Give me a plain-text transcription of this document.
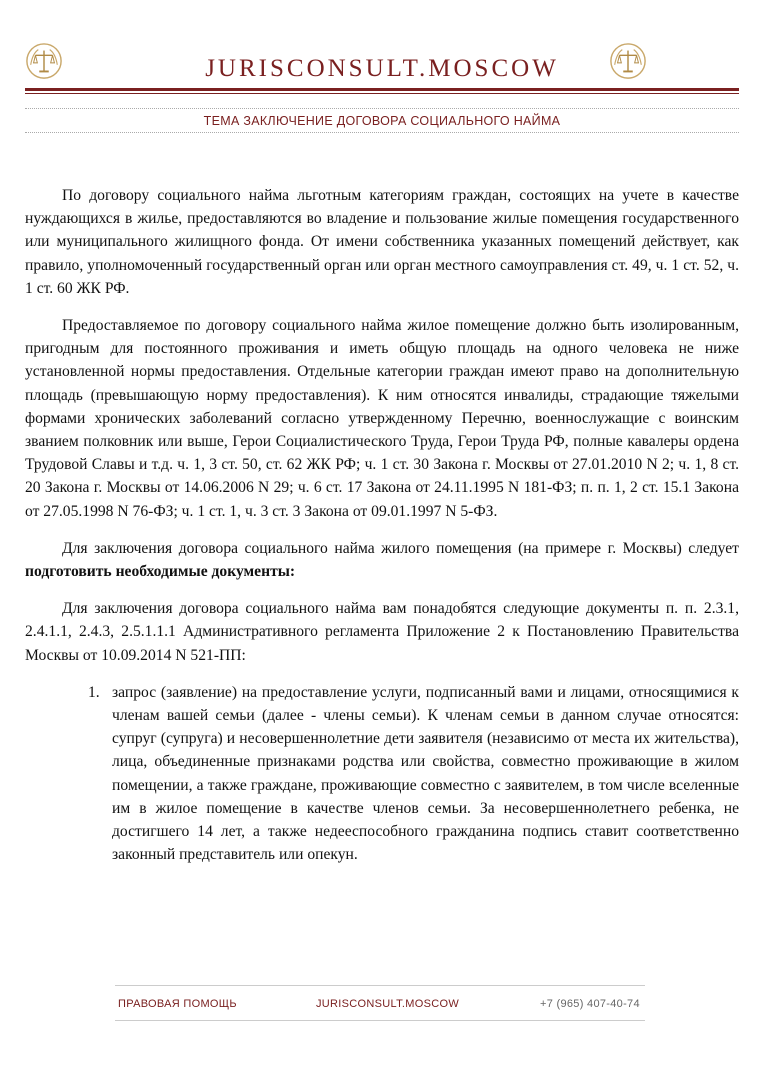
JURISCONSULT.MOSCOW
ТЕМА ЗАКЛЮЧЕНИЕ ДОГОВОРА СОЦИАЛЬНОГО НАЙМА

По договору социального найма льготным категориям граждан, состоящих на учете в качестве нуждающихся в жилье, предоставляются во владение и пользование жилые помещения государственного или муниципального жилищного фонда. От имени собственника указанных помещений действует, как правило, уполномоченный государственный орган или орган местного самоуправления ст. 49, ч. 1 ст. 52, ч. 1 ст. 60 ЖК РФ.

Предоставляемое по договору социального найма жилое помещение должно быть изолированным, пригодным для постоянного проживания и иметь общую площадь на одного человека не ниже установленной нормы предоставления. Отдельные категории граждан имеют право на дополнительную площадь (превышающую норму предоставления). К ним относятся инвалиды, страдающие тяжелыми формами хронических заболеваний согласно утвержденному Перечню, военнослужащие с воинским званием полковник или выше, Герои Социалистического Труда, Герои Труда РФ, полные кавалеры ордена Трудовой Славы и т.д. ч. 1, 3 ст. 50, ст. 62 ЖК РФ; ч. 1 ст. 30 Закона г. Москвы от 27.01.2010 N 2; ч. 1, 8 ст. 20 Закона г. Москвы от 14.06.2006 N 29; ч. 6 ст. 17 Закона от 24.11.1995 N 181-ФЗ; п. п. 1, 2 ст. 15.1 Закона от 27.05.1998 N 76-ФЗ; ч. 1 ст. 1, ч. 3 ст. 3 Закона от 09.01.1997 N 5-ФЗ.

Для заключения договора социального найма жилого помещения (на примере г. Москвы) следует подготовить необходимые документы:

Для заключения договора социального найма вам понадобятся следующие документы п. п. 2.3.1, 2.4.1.1, 2.4.3, 2.5.1.1.1 Административного регламента Приложение 2 к Постановлению Правительства Москвы от 10.09.2014 N 521-ПП:

1. запрос (заявление) на предоставление услуги, подписанный вами и лицами, относящимися к членам вашей семьи (далее - члены семьи). К членам семьи в данном случае относятся: супруг (супруга) и несовершеннолетние дети заявителя (независимо от места их жительства), лица, объединенные признаками родства или свойства, совместно проживающие в жилом помещении, а также граждане, проживающие совместно с заявителем, в том числе вселенные им в жилое помещение в качестве членов семьи. За несовершеннолетнего ребенка, не достигшего 14 лет, а также недееспособного гражданина подпись ставит соответственно законный представитель или опекун.
ПРАВОВАЯ ПОМОЩЬ	JURISCONSULT.MOSCOW	+7 (965) 407-40-74
